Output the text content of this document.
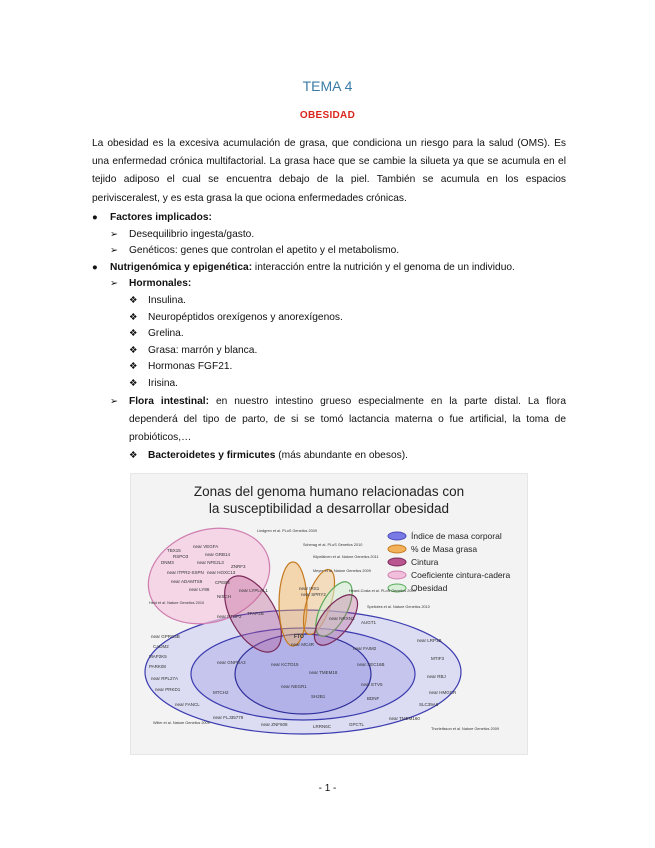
TEMA 4
OBESIDAD
La obesidad es la excesiva acumulación de grasa, que condiciona un riesgo para la salud (OMS). Es una enfermedad crónica multifactorial. La grasa hace que se cambie la silueta ya que se acumula en el tejido adiposo el cual se encuentra debajo de la piel. También se acumula en los espacios perivisceralest, y es esta grasa la que ociona enfermedades crónicas.
● Factores implicados:
➢ Desequilibrio ingesta/gasto.
➢ Genéticos: genes que controlan el apetito y el metabolismo.
● Nutrigenómica y epigenética: interacción entre la nutrición y el genoma de un individuo.
➢ Hormonales:
❖ Insulina.
❖ Neuropéptidos orexígenos y anorexígenos.
❖ Grelina.
❖ Grasa: marrón y blanca.
❖ Hormonas FGF21.
❖ Irisina.
➢ Flora intestinal: en nuestro intestino grueso especialmente en la parte distal. La flora dependerá del tipo de parto, de si se tomó lactancia materna o fue artificial, la toma de probióticos,…
❖ Bacteroidetes y firmicutes (más abundante en obesos).
Zonas del genoma humano relacionadas con
la susceptibilidad a desarrollar obesidad
Índice de masa corporal
% de Masa grasa
Cintura
Coeficiente cintura-cadera
Obesidad
TBX15
RSPO3
DNM3
near VEGFA
near GRB14
near NFE2L3
ZNRF3
near ITPR2-SSPN near HOXC13
near ADAMTS9	CPEB4
near LY86
NISCH
near PTBP2
TFAP2B
near GPRC5B
CADM2
MAP2K5
PARK08
near RPL27A
near PRKD1
near FANCL
near FLJ35779
near ZNF608	LRRN6C	GPCTL
near TMEM160
SLC39A8
near GNPDA2
MTCH2
near KCTD15
near TMEM18
near NEGR1
SH2B1
near FAIM2
near SEC16B
near ETV5
BDNF
near LRP1B
MTIF3
near RBJ
FTO
near MC4R
near LYPLAL1
near NRXN3
AUGT1
near IRS1
near SPRY2
Lindgren et al. PLoS Genetics 2009
Scherag et al. PLoS Genetics 2010
Kilpeläinen et al. Nature Genetics 2011
Meyre et al. Nature Genetics 2009
Heard-Costa et al. PLoS Genetics 2009
Speliotes et al. Nature Genetics 2010
Heid et al. Nature Genetics 2010
Willer et al. Nature Genetics 2009
Thorleifsson et al. Nature Genetics 2009
near HMGCR
- 1 -
